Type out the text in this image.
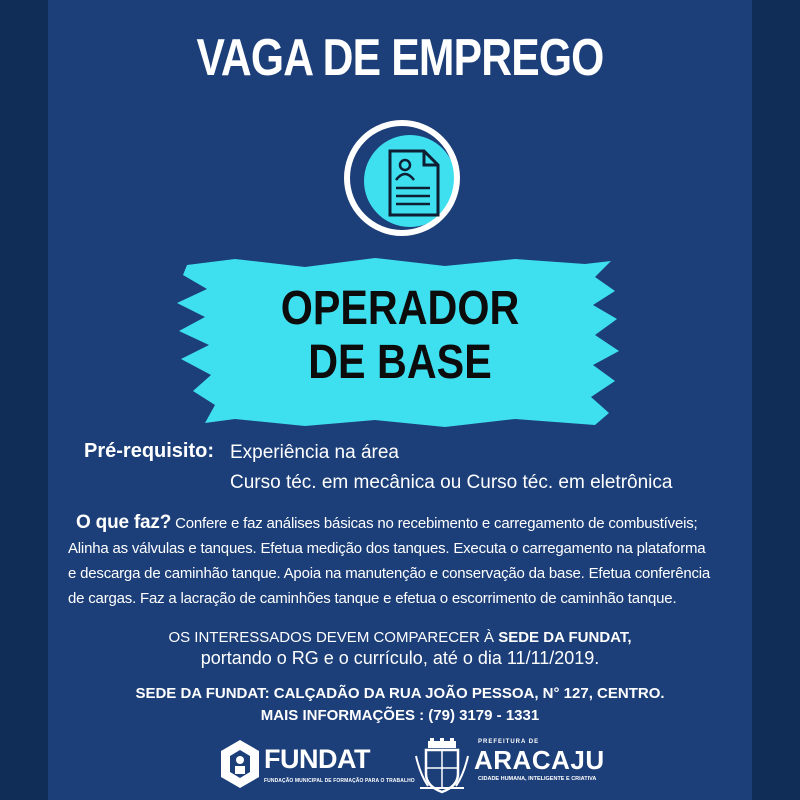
VAGA DE EMPREGO
OPERADOR
DE BASE
Pré-requisito: Experiência na área
Curso téc. em mecânica ou Curso téc. em eletrônica
O que faz? Confere e faz análises básicas no recebimento e carregamento de combustíveis;
Alinha as válvulas e tanques. Efetua medição dos tanques. Executa o carregamento na plataforma
e descarga de caminhão tanque. Apoia na manutenção e conservação da base. Efetua conferência
de cargas. Faz a lacração de caminhões tanque e efetua o escorrimento de caminhão tanque.
OS INTERESSADOS DEVEM COMPARECER À SEDE DA FUNDAT,
portando o RG e o currículo, até o dia 11/11/2019.
SEDE DA FUNDAT: CALÇADÃO DA RUA JOÃO PESSOA, N° 127, CENTRO.
MAIS INFORMAÇÕES : (79) 3179 - 1331
FUNDAT
FUNDAÇÃO MUNICIPAL DE FORMAÇÃO PARA O TRABALHO
PREFEITURA DE
ARACAJU
CIDADE HUMANA, INTELIGENTE E CRIATIVA
